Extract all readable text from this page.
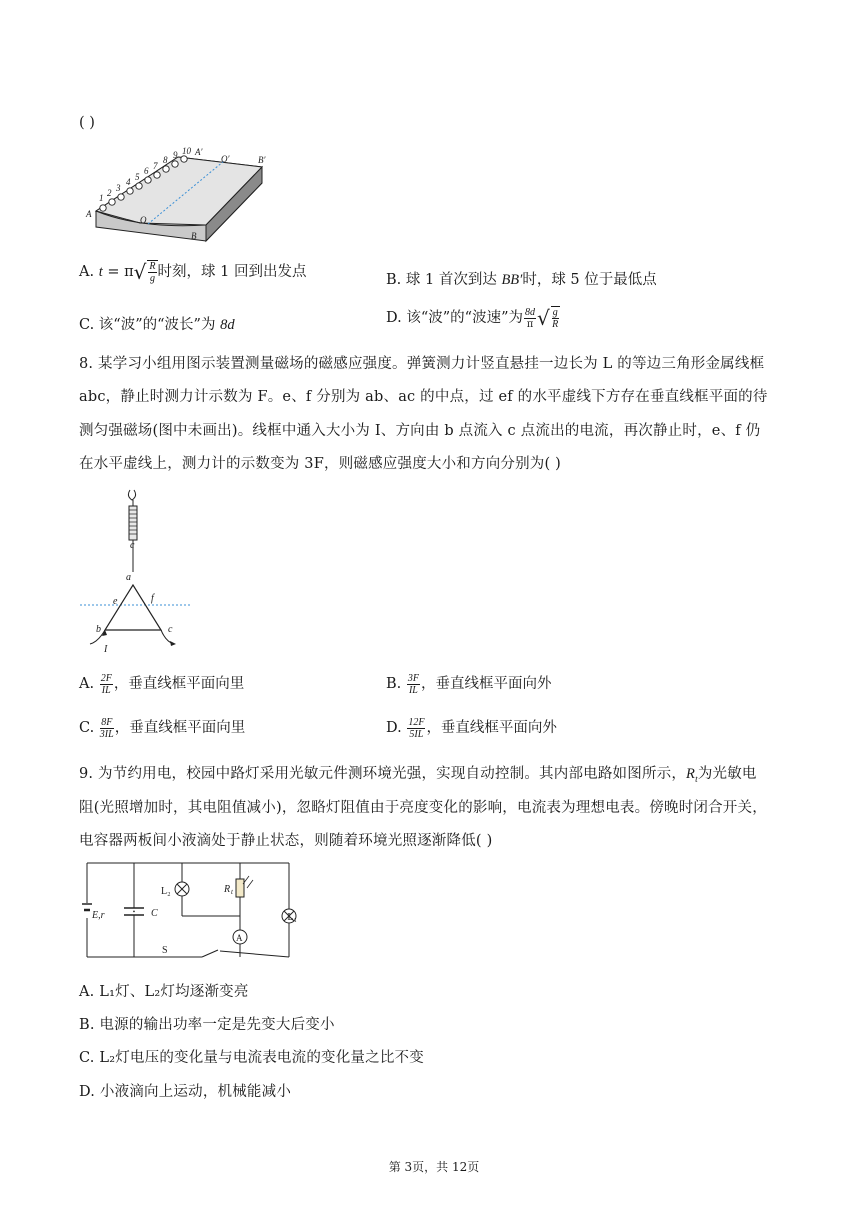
( )
1 2 3
4 5
6 7
8 9 10
A
A′
O
O′
B
B′
A. $t = \pi√ \frac{R}{g}$ 时刻，球 1 回到出发点	B. 球 1 首次到达 BB′时，球 5 位于最低点
C. 该“波”的“波长”为 8d	D. 该“波”的“波速”为 $\frac{8d}{\pi}$ √ $\frac{g}{R}$
8. 某学习小组用图示装置测量磁场的磁感应强度。弹簧测力计竖直悬挂一边长为 L 的等边三角形金属线框
abc，静止时测力计示数为 F。e、f 分别为 ab、ac 的中点，过 ef 的水平虚线下方存在垂直线框平面的待
测匀强磁场(图中未画出)。线框中通入大小为 I、方向由 b 点流入 c 点流出的电流，再次静止时，e、f 仍
在水平虚线上，测力计的示数变为 3F，则磁感应强度大小和方向分别为( )
c
a
e	f
b	c
I
A. $\frac{2F}{IL}$ ，垂直线框平面向里	B. $\frac{3F}{IL}$ ，垂直线框平面向外
C. $\frac{8F}{3IL}$ ，垂直线框平面向里	D. $\frac{12F}{5IL}$ ，垂直线框平面向外
9. 为节约用电，校园中路灯采用光敏元件测环境光强，实现自动控制。其内部电路如图所示，$R_t$为光敏电
阻(光照增加时，其电阻值减小)，忽略灯阻值由于亮度变化的影响，电流表为理想电表。傍晚时闭合开关，
电容器两板间小液滴处于静止状态，则随着环境光照逐渐降低( )
A
E,r	C
L₂	R t
L₁
S
•
A. L₁灯、L₂灯均逐渐变亮
B. 电源的输出功率一定是先变大后变小
C. L₂灯电压的变化量与电流表电流的变化量之比不变
D. 小液滴向上运动，机械能减小
第 3页，共 12页
